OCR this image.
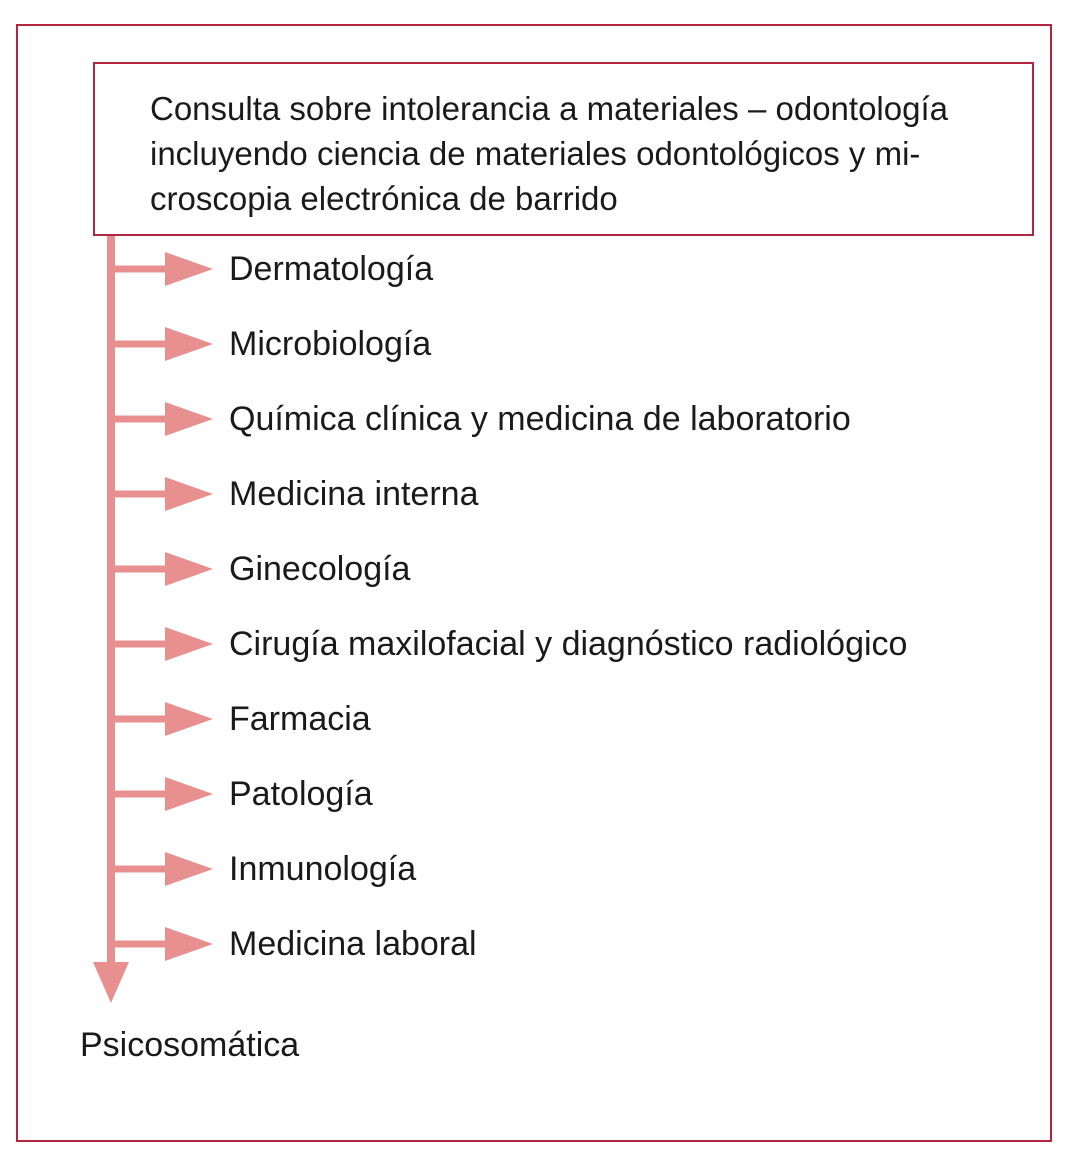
Consulta sobre intolerancia a materiales – odontología
incluyendo ciencia de materiales odontológicos y mi-
croscopia electrónica de barrido

Dermatología
Microbiología
Química clínica y medicina de laboratorio
Medicina interna
Ginecología
Cirugía maxilofacial y diagnóstico radiológico
Farmacia
Patología
Inmunología
Medicina laboral
Psicosomática
